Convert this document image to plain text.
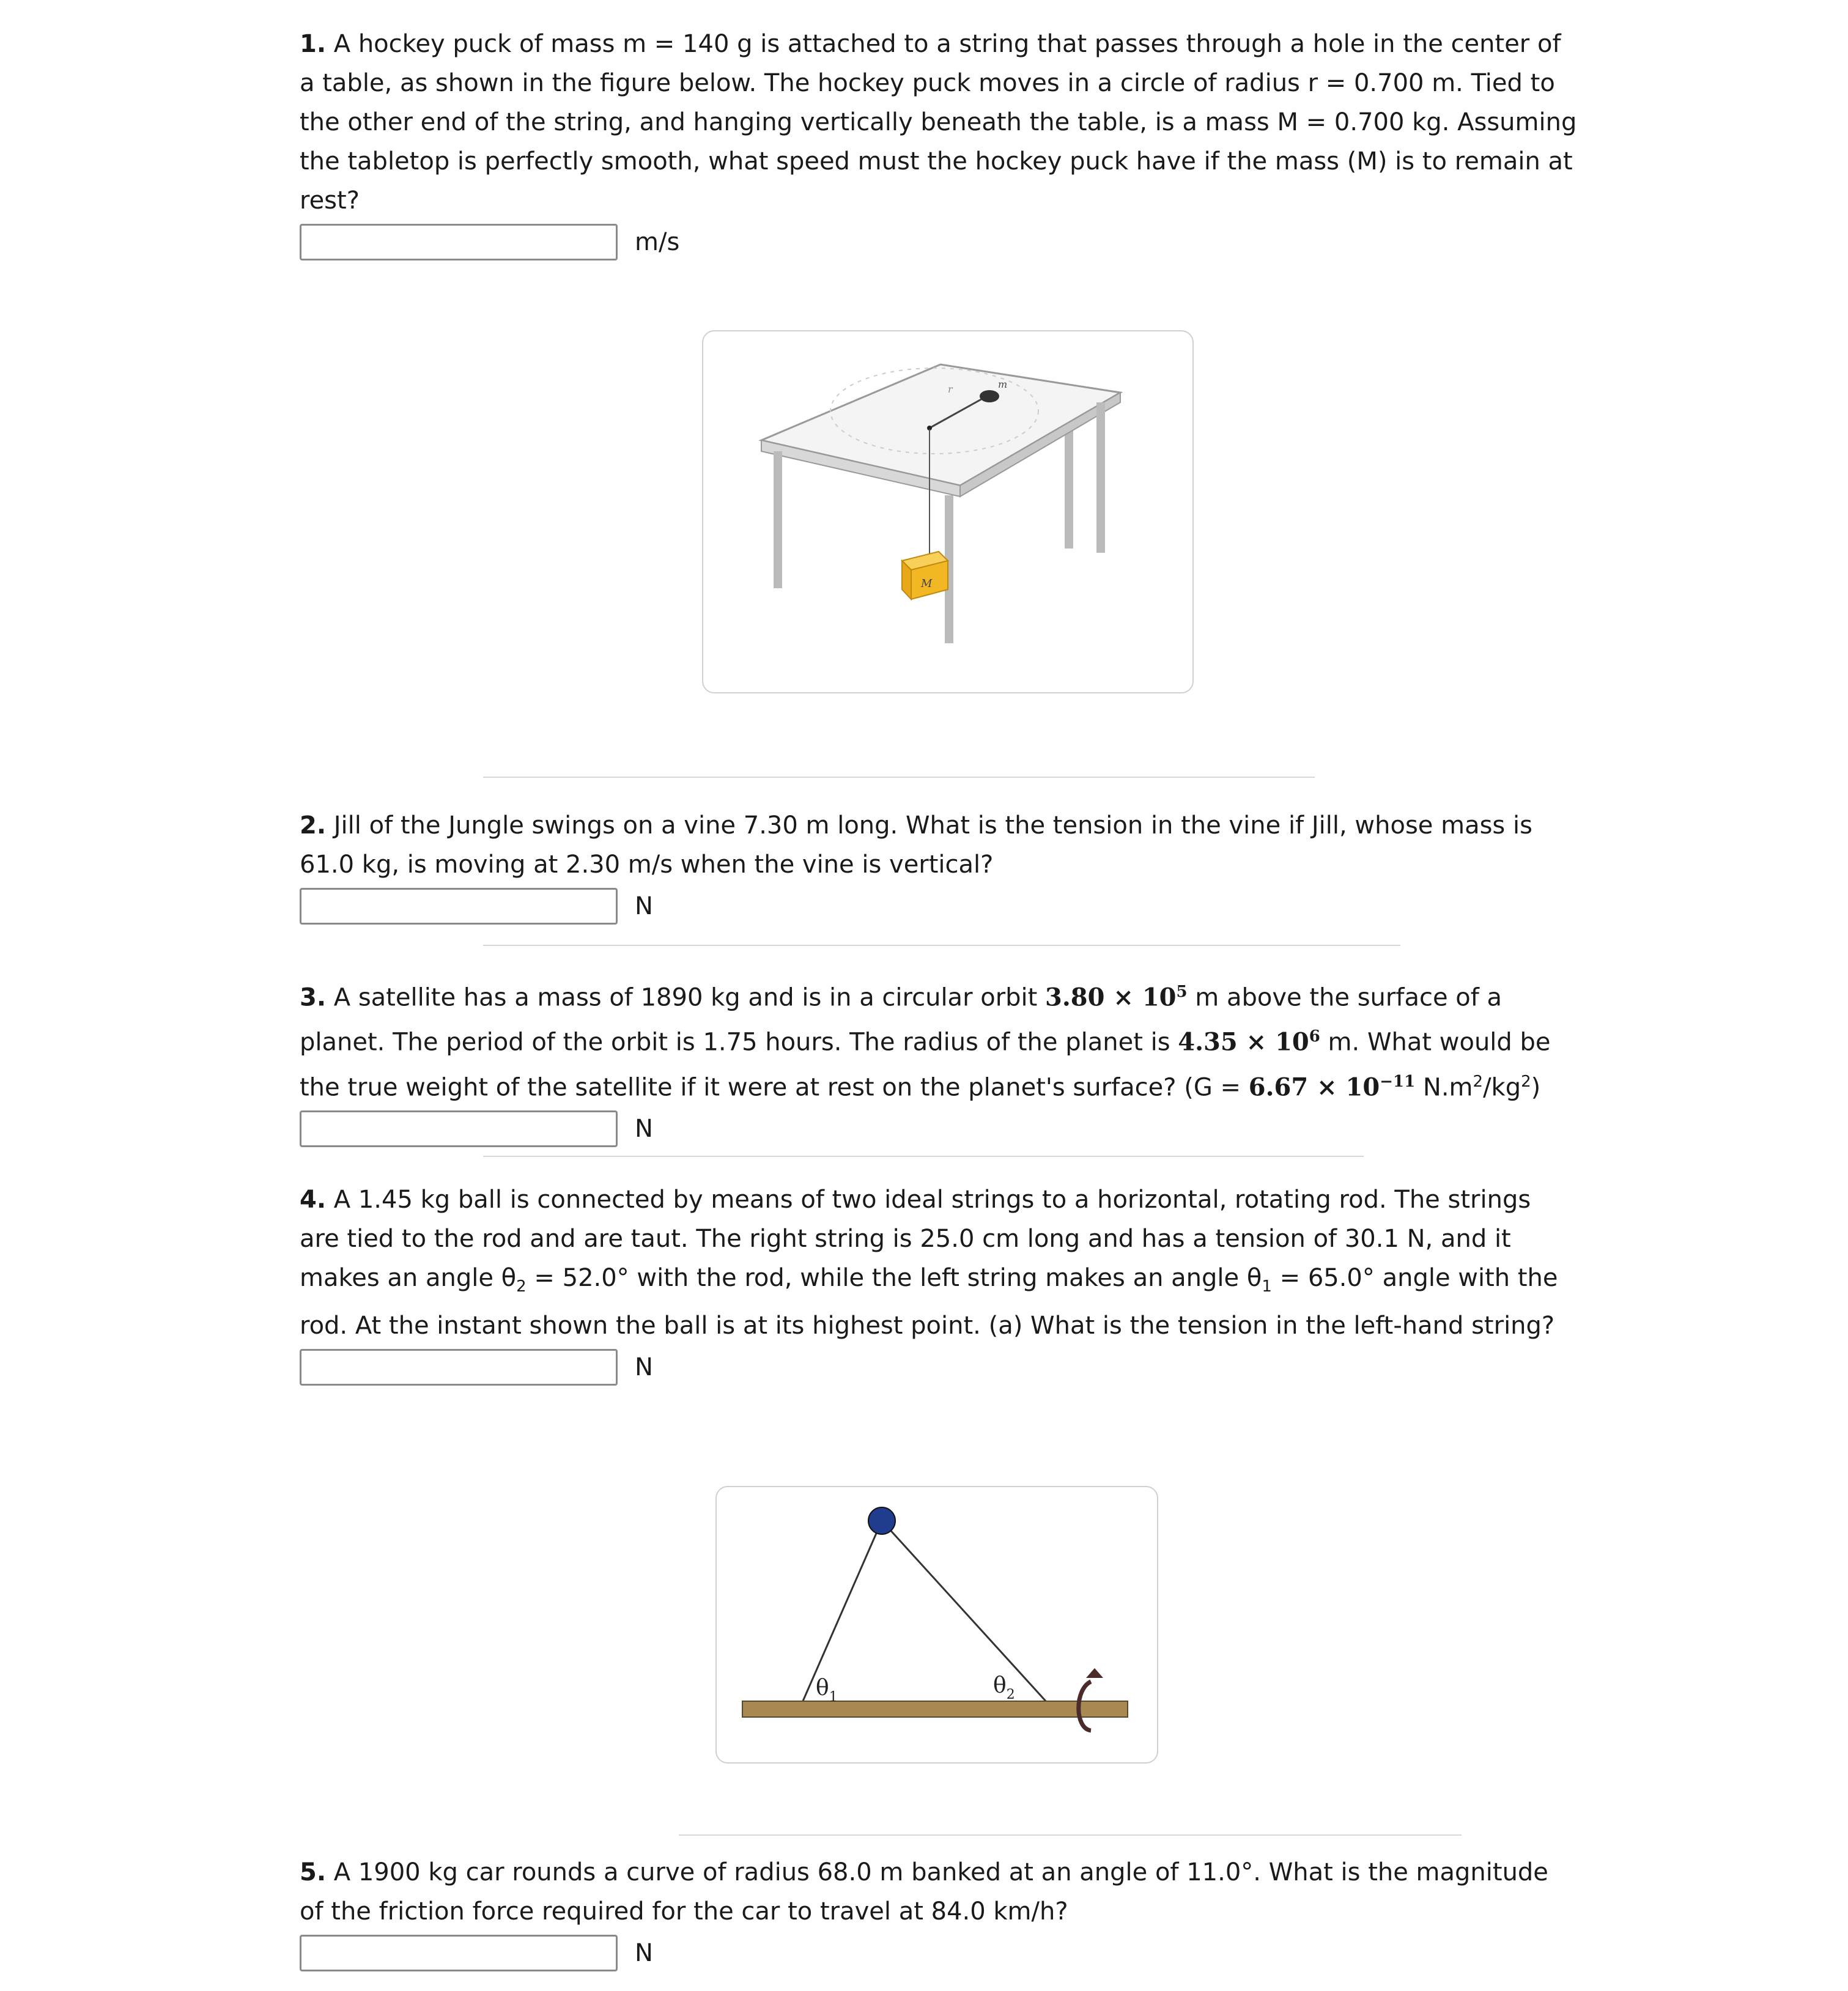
1. A hockey puck of mass m = 140 g is attached to a string that passes through a hole in the center of a table, as shown in the figure below. The hockey puck moves in a circle of radius r = 0.700 m. Tied to the other end of the string, and hanging vertically beneath the table, is a mass M = 0.700 kg. Assuming the tabletop is perfectly smooth, what speed must the hockey puck have if the mass (M) is to remain at rest?

m/s
r	m
M

2. Jill of the Jungle swings on a vine 7.30 m long. What is the tension in the vine if Jill, whose mass is 61.0 kg, is moving at 2.30 m/s when the vine is vertical?

N

3. A satellite has a mass of 1890 kg and is in a circular orbit $3.80 \times 10^5$ m above the surface of a planet. The period of the orbit is 1.75 hours. The radius of the planet is $4.35 \times 10^6$ m. What would be the true weight of the satellite if it were at rest on the planet's surface? ($G = 6.67 \times 10^{-11}$ $N.m^2/kg^2$)

N

4. A 1.45 kg ball is connected by means of two ideal strings to a horizontal, rotating rod. The strings are tied to the rod and are taut. The right string is 25.0 cm long and has a tension of 30.1 N, and it makes an angle $\theta_2 = 52.0^\circ$ with the rod, while the left string makes an angle $\theta_1 = 65.0^\circ$ angle with the rod. At the instant shown the ball is at its highest point. (a) What is the tension in the left-hand string?

N
$\theta_1$	$\theta_2$

5. A 1900 kg car rounds a curve of radius 68.0 m banked at an angle of 11.0°. What is the magnitude of the friction force required for the car to travel at 84.0 km/h?

N
